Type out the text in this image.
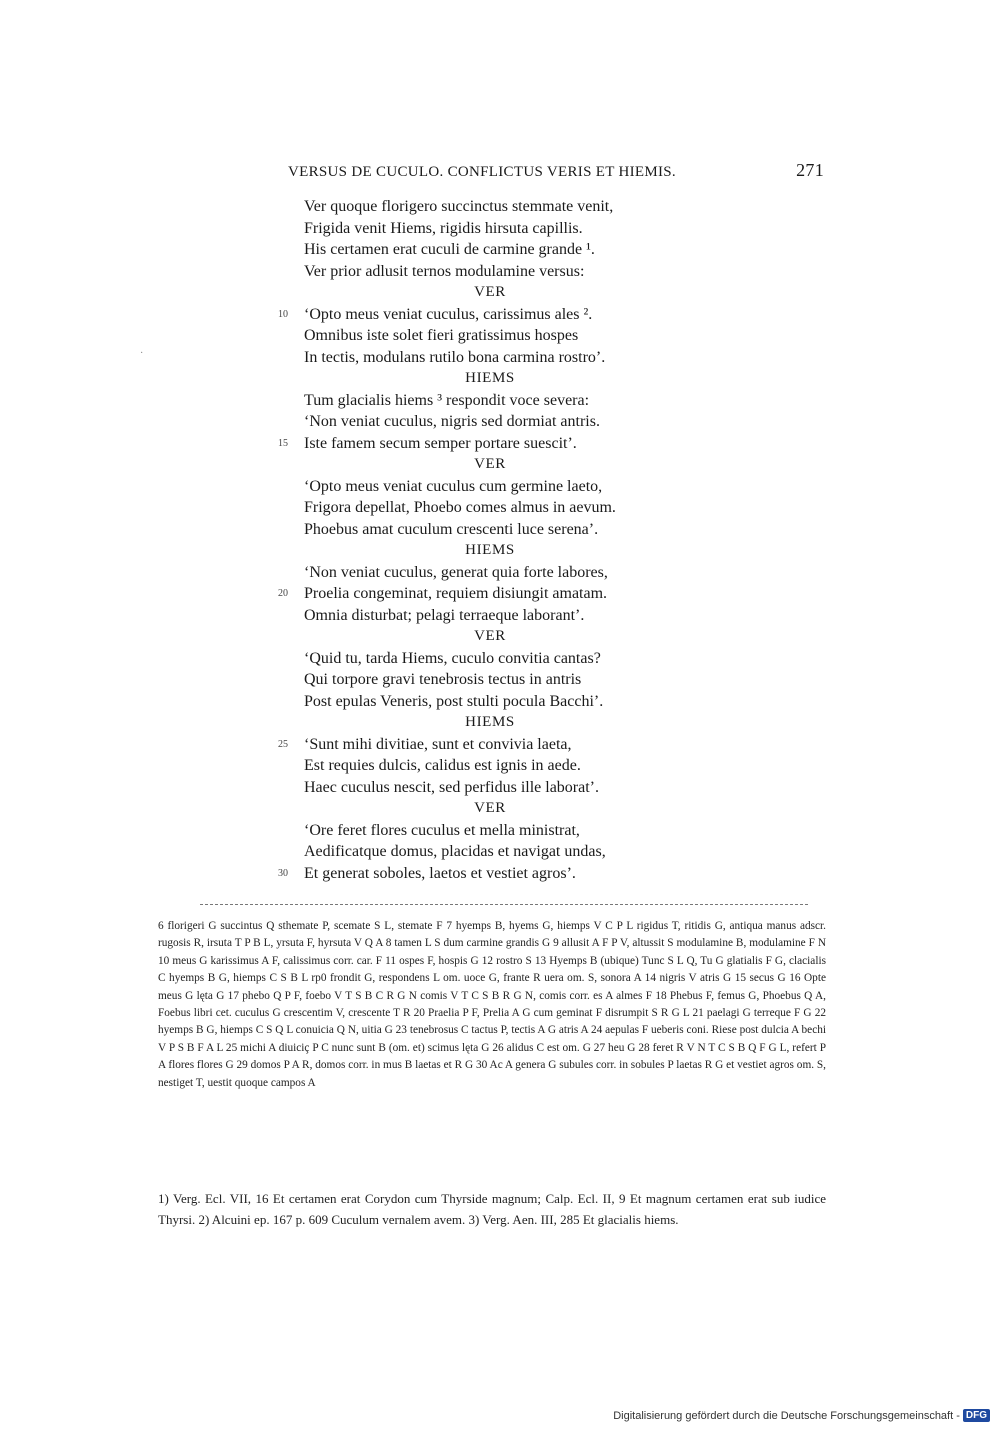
VERSUS DE CUCULO. CONFLICTUS VERIS ET HIEMIS.	271
Ver quoque florigero succinctus stemmate venit,
Frigida venit Hiems, rigidis hirsuta capillis.
His certamen erat cuculi de carmine grande ¹.
Ver prior adlusit ternos modulamine versus:
VER
10 ‘Opto meus veniat cuculus, carissimus ales ².
Omnibus iste solet fieri gratissimus hospes
In tectis, modulans rutilo bona carmina rostro’.
HIEMS
Tum glacialis hiems ³ respondit voce severa:
‘Non veniat cuculus, nigris sed dormiat antris.
15 Iste famem secum semper portare suescit’.
VER
‘Opto meus veniat cuculus cum germine laeto,
Frigora depellat, Phoebo comes almus in aevum.
Phoebus amat cuculum crescenti luce serena’.
HIEMS
‘Non veniat cuculus, generat quia forte labores,
20 Proelia congeminat, requiem disiungit amatam.
Omnia disturbat; pelagi terraeque laborant’.
VER
‘Quid tu, tarda Hiems, cuculo convitia cantas?
Qui torpore gravi tenebrosis tectus in antris
Post epulas Veneris, post stulti pocula Bacchi’.
HIEMS
25 ‘Sunt mihi divitiae, sunt et convivia laeta,
Est requies dulcis, calidus est ignis in aede.
Haec cuculus nescit, sed perfidus ille laborat’.
VER
‘Ore feret flores cuculus et mella ministrat,
Aedificatque domus, placidas et navigat undas,
30 Et generat soboles, laetos et vestiet agros’.
·

6 florigeri G succintus Q sthemate P, scemate S L, stemate F 7 hyemps B, hyems G, hiemps V C P L rigidus T, ritidis G, antiqua manus adscr. rugosis R, irsuta T P B L, yrsuta F, hyrsuta V Q A 8 tamen L S dum carmine grandis G 9 allusit A F P V, altussit S modulamine B, modulamine F N 10 meus G karissimus A F, calissimus corr. car. F 11 ospes F, hospis G 12 rostro S 13 Hyemps B (ubique) Tunc S L Q, Tu G glatialis F G, clacialis C hyemps B G, hiemps C S B L rp0 frondit G, respondens L om. uoce G, frante R uera om. S, sonora A 14 nigris V atris G 15 secus G 16 Opte meus G lęta G 17 phebo Q P F, foebo V T S B C R G N comis V T C S B R G N, comis corr. es A almes F 18 Phebus F, femus G, Phoebus Q A, Foebus libri cet. cuculus G crescentim V, crescente T R 20 Praelia P F, Prelia A G cum geminat F disrumpit S R G L 21 paelagi G terreque F G 22 hyemps B G, hiemps C S Q L conuicia Q N, uitia G 23 tenebrosus C tactus P, tectis A G atris A 24 aepulas F ueberis coni. Riese post dulcia A bechi V P S B F A L 25 michi A diuiciç P C nunc sunt B (om. et) scimus lęta G 26 alidus C est om. G 27 heu G 28 feret R V N T C S B Q F G L, refert P A flores flores G 29 domos P A R, domos corr. in mus B laetas et R G 30 Ac A genera G subules corr. in sobules P laetas R G et vestiet agros om. S, nestiget T, uestit quoque campos A

1) Verg. Ecl. VII, 16 Et certamen erat Corydon cum Thyrside magnum; Calp. Ecl. II, 9 Et magnum certamen erat sub iudice Thyrsi. 2) Alcuini ep. 167 p. 609 Cuculum vernalem avem. 3) Verg. Aen. III, 285 Et glacialis hiems.

Digitalisierung gefördert durch die Deutsche Forschungsgemeinschaft - DFG
